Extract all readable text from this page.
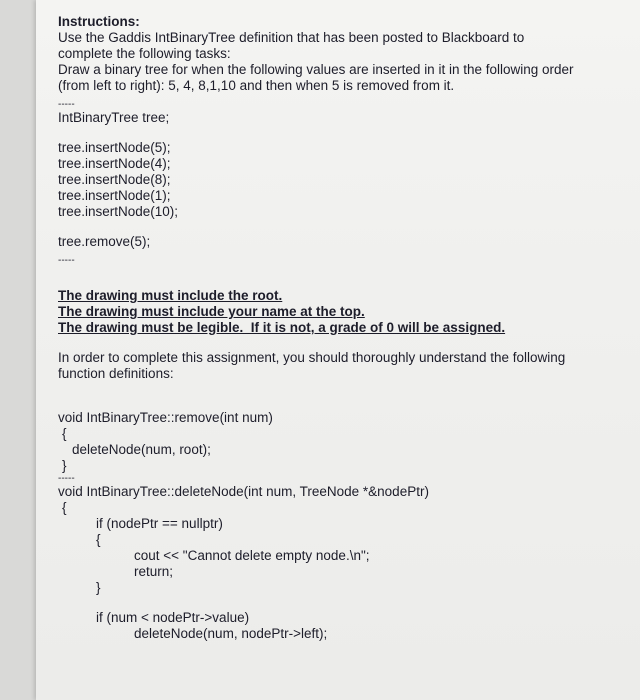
Instructions:
Use the Gaddis IntBinaryTree definition that has been posted to Blackboard to
complete the following tasks:
Draw a binary tree for when the following values are inserted in it in the following order
(from left to right): 5, 4, 8,1,10 and then when 5 is removed from it.
-----
IntBinaryTree tree;
tree.insertNode(5);
tree.insertNode(4);
tree.insertNode(8);
tree.insertNode(1);
tree.insertNode(10);
tree.remove(5);
-----
The drawing must include the root.
The drawing must include your name at the top.
The drawing must be legible.  If it is not, a grade of 0 will be assigned.
In order to complete this assignment, you should thoroughly understand the following
function definitions:
void IntBinaryTree::remove(int num)
{
deleteNode(num, root);
}
-----
void IntBinaryTree::deleteNode(int num, TreeNode *&nodePtr)
{
if (nodePtr == nullptr)
{
cout << "Cannot delete empty node.\n";
return;
}
if (num < nodePtr->value)
deleteNode(num, nodePtr->left);
